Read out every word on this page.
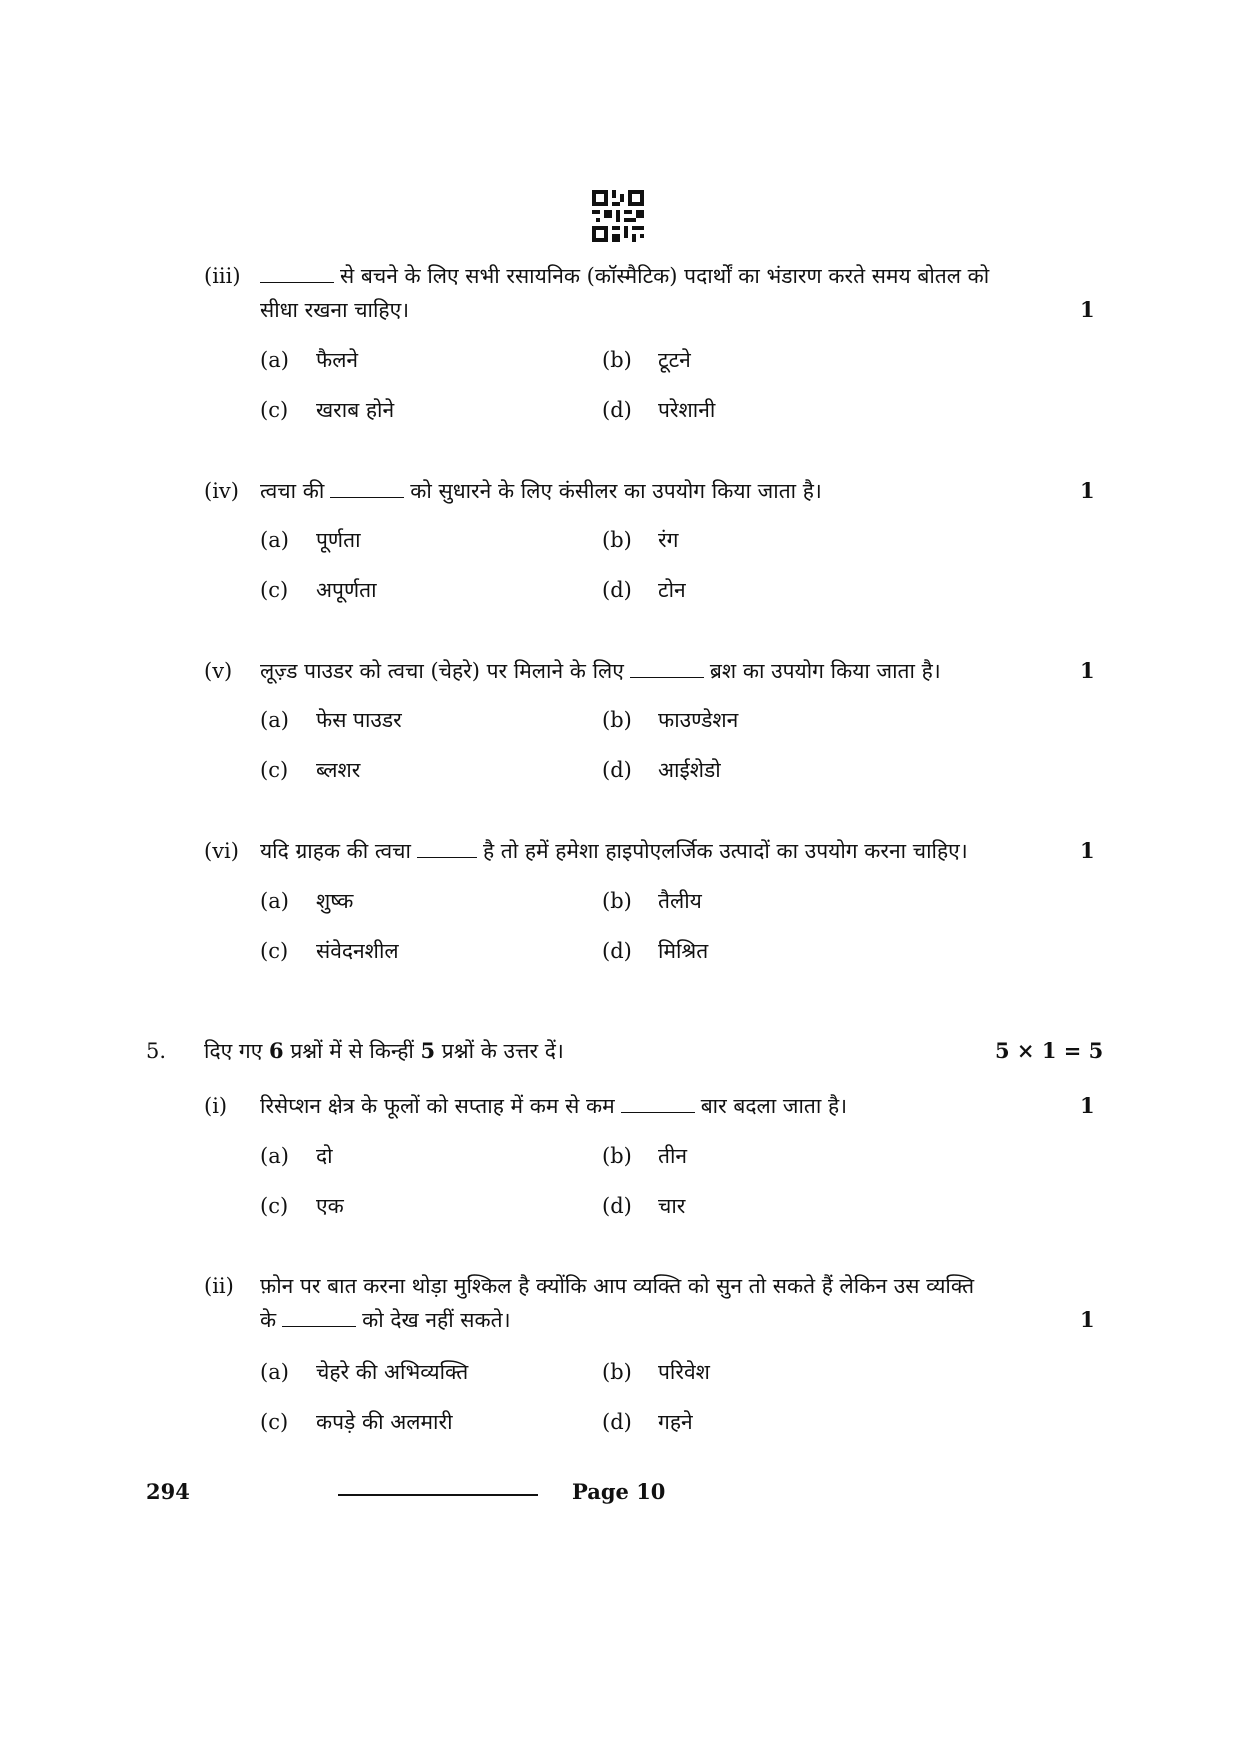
(iii)	से बचने के लिए सभी रसायनिक (कॉस्मैटिक) पदार्थों का भंडारण करते समय बोतल को
सीधा रखना चाहिए।	1
(a) फैलने	(b) टूटने
(c) खराब होने	(d) परेशानी
(iv) त्वचा की	को सुधारने के लिए कंसीलर का उपयोग किया जाता है।	1
(a) पूर्णता	(b) रंग
(c) अपूर्णता	(d) टोन
(v) लूज़्ड पाउडर को त्वचा (चेहरे) पर मिलाने के लिए	ब्रश का उपयोग किया जाता है।	1
(a) फेस पाउडर	(b) फाउण्डेशन
(c) ब्लशर	(d) आईशेडो
(vi) यदि ग्राहक की त्वचा	है तो हमें हमेशा हाइपोएलर्जिक उत्पादों का उपयोग करना चाहिए।	1
(a) शुष्क	(b) तैलीय
(c) संवेदनशील	(d) मिश्रित
5. दिए गए 6 प्रश्नों में से किन्हीं 5 प्रश्नों के उत्तर दें।	5 × 1 = 5
(i) रिसेप्शन क्षेत्र के फूलों को सप्ताह में कम से कम	बार बदला जाता है।	1
(a) दो	(b) तीन
(c) एक	(d) चार
(ii) फ़ोन पर बात करना थोड़ा मुश्किल है क्योंकि आप व्यक्ति को सुन तो सकते हैं लेकिन उस व्यक्ति
के	को देख नहीं सकते।	1
(a) चेहरे की अभिव्यक्ति	(b) परिवेश
(c) कपड़े की अलमारी	(d) गहने
294	Page 10
